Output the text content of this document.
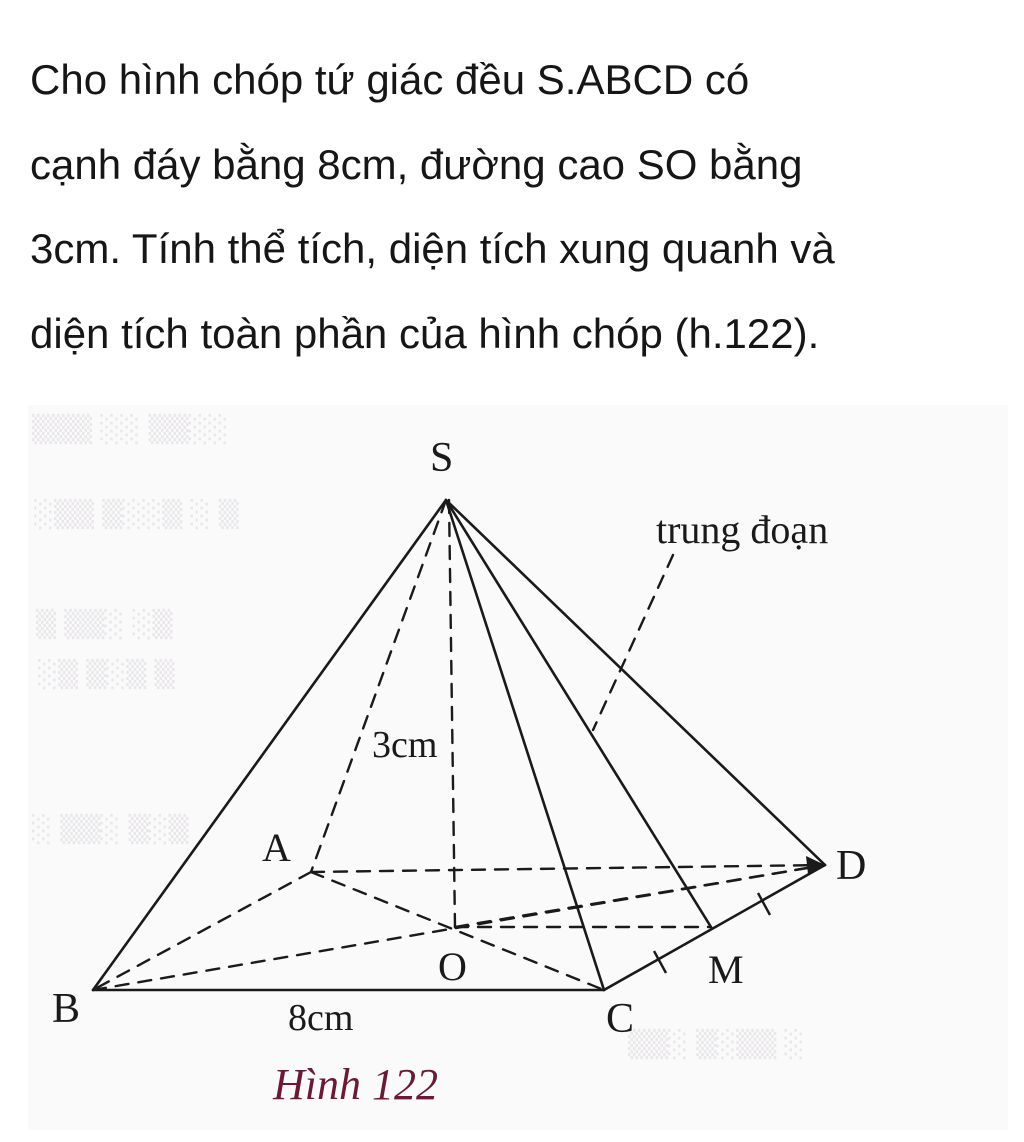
Cho hình chóp tứ giác đều S.ABCD có
cạnh đáy bằng 8cm, đường cao SO bằng
3cm. Tính thể tích, diện tích xung quanh và
diện tích toàn phần của hình chóp (h.122).
▒▒▒ ░░ ▒▒░░
░▒▒ ▒░░▒ ░ ▒
▒ ▒▒░ ░▒
░▒ ▒░▒ ▒
░ ▒▒░ ▒░▒
▒▒░ ▒░▒▒ ░
S
trung đoạn
3cm
A	D
O	M
B	8cm	C
Hình 122
